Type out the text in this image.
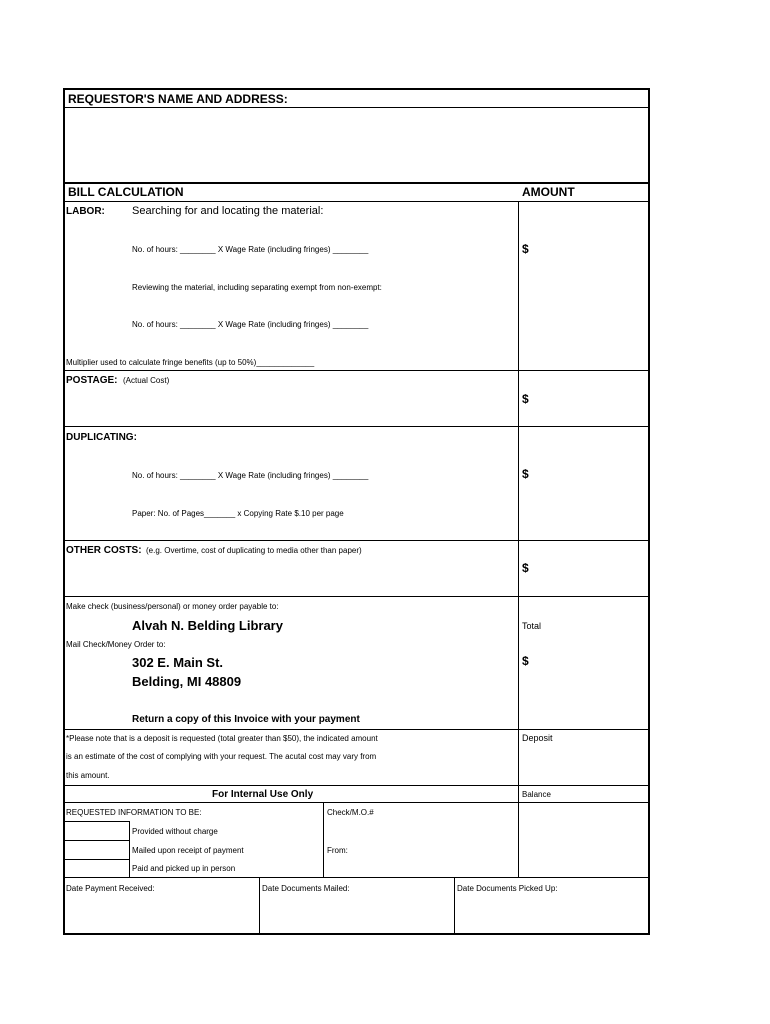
REQUESTOR'S NAME AND ADDRESS:
BILL CALCULATION	AMOUNT
LABOR: Searching for and locating the material:
No. of hours: ________ X Wage Rate (including fringes) ________	$
Reviewing the material, including separating exempt from non-exempt:
No. of hours: ________ X Wage Rate (including fringes) ________
Multiplier used to calculate fringe benefits (up to 50%)_____________
POSTAGE: (Actual Cost)
$
DUPLICATING:
No. of hours: ________ X Wage Rate (including fringes) ________	$
Paper: No. of Pages_______ x Copying Rate $.10 per page
OTHER COSTS: (e.g. Overtime, cost of duplicating to media other than paper)
$
Make check (business/personal) or money order payable to:
Alvah N. Belding Library	Total
Mail Check/Money Order to:
302 E. Main St.	$
Belding, MI 48809
Return a copy of this Invoice with your payment
*Please note that is a deposit is requested (total greater than $50), the indicated amount	Deposit
is an estimate of the cost of complying with your request. The acutal cost may vary from
this amount.
For Internal Use Only	Balance
REQUESTED INFORMATION TO BE:	Check/M.O.#
Provided without charge
Mailed upon receipt of payment	From:
Paid and picked up in person
Date Payment Received:	Date Documents Mailed:	Date Documents Picked Up:
